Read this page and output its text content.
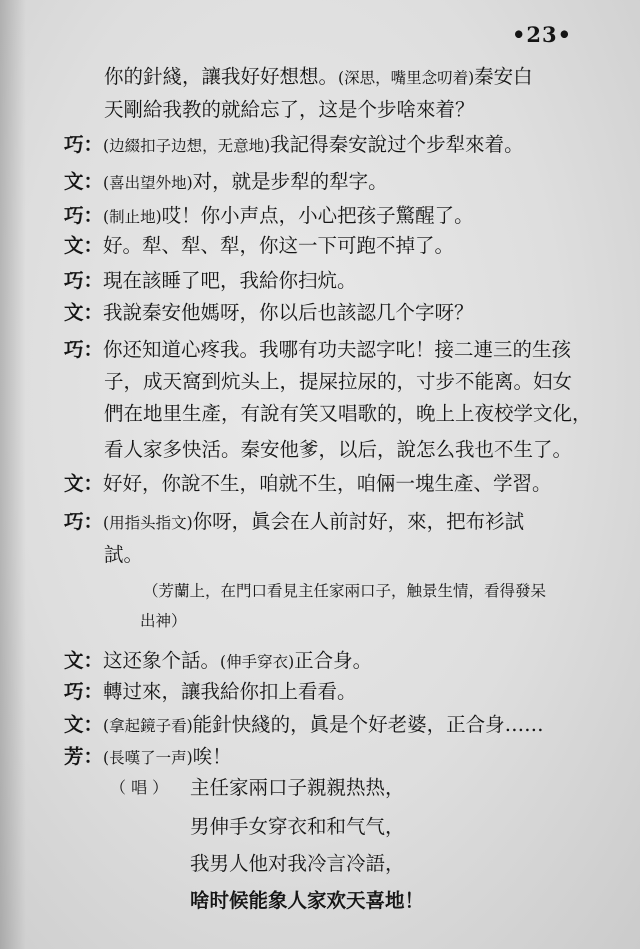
•23•
你的針綫，讓我好好想想。(深思，嘴里念叨着)秦安白
天剛給我教的就給忘了，这是个步啥來着？
巧：(边綴扣子边想，无意地)我記得秦安說过个步犁來着。
文：(喜出望外地)对，就是步犁的犁字。
巧：(制止地)哎！你小声点，小心把孩子驚醒了。
文：好。犁、犁、犁，你这一下可跑不掉了。
巧：現在該睡了吧，我給你扫炕。
文：我說秦安他媽呀，你以后也該認几个字呀？
巧：你还知道心疼我。我哪有功夫認字叱！接二連三的生孩
子，成天窩到炕头上，提屎拉尿的，寸步不能离。妇女
們在地里生產，有說有笑又唱歌的，晚上上夜校学文化，
看人家多快活。秦安他爹，以后，說怎么我也不生了。
文：好好，你說不生，咱就不生，咱倆一塊生產、学習。
巧：(用指头指文)你呀，眞会在人前討好，來，把布衫試
試。
（芳蘭上，在門口看見主任家兩口子，触景生情，看得發呆
出神）
文：这还象个話。(伸手穿衣)正合身。
巧：轉过來，讓我給你扣上看看。
文：(拿起鏡子看)能針快綫的，眞是个好老婆，正合身……
芳：(長嘆了一声)唉！
（ 唱 ） 主任家兩口子親親热热，
男伸手女穿衣和和气气，
我男人他对我冷言冷語，
啥时候能象人家欢天喜地！
